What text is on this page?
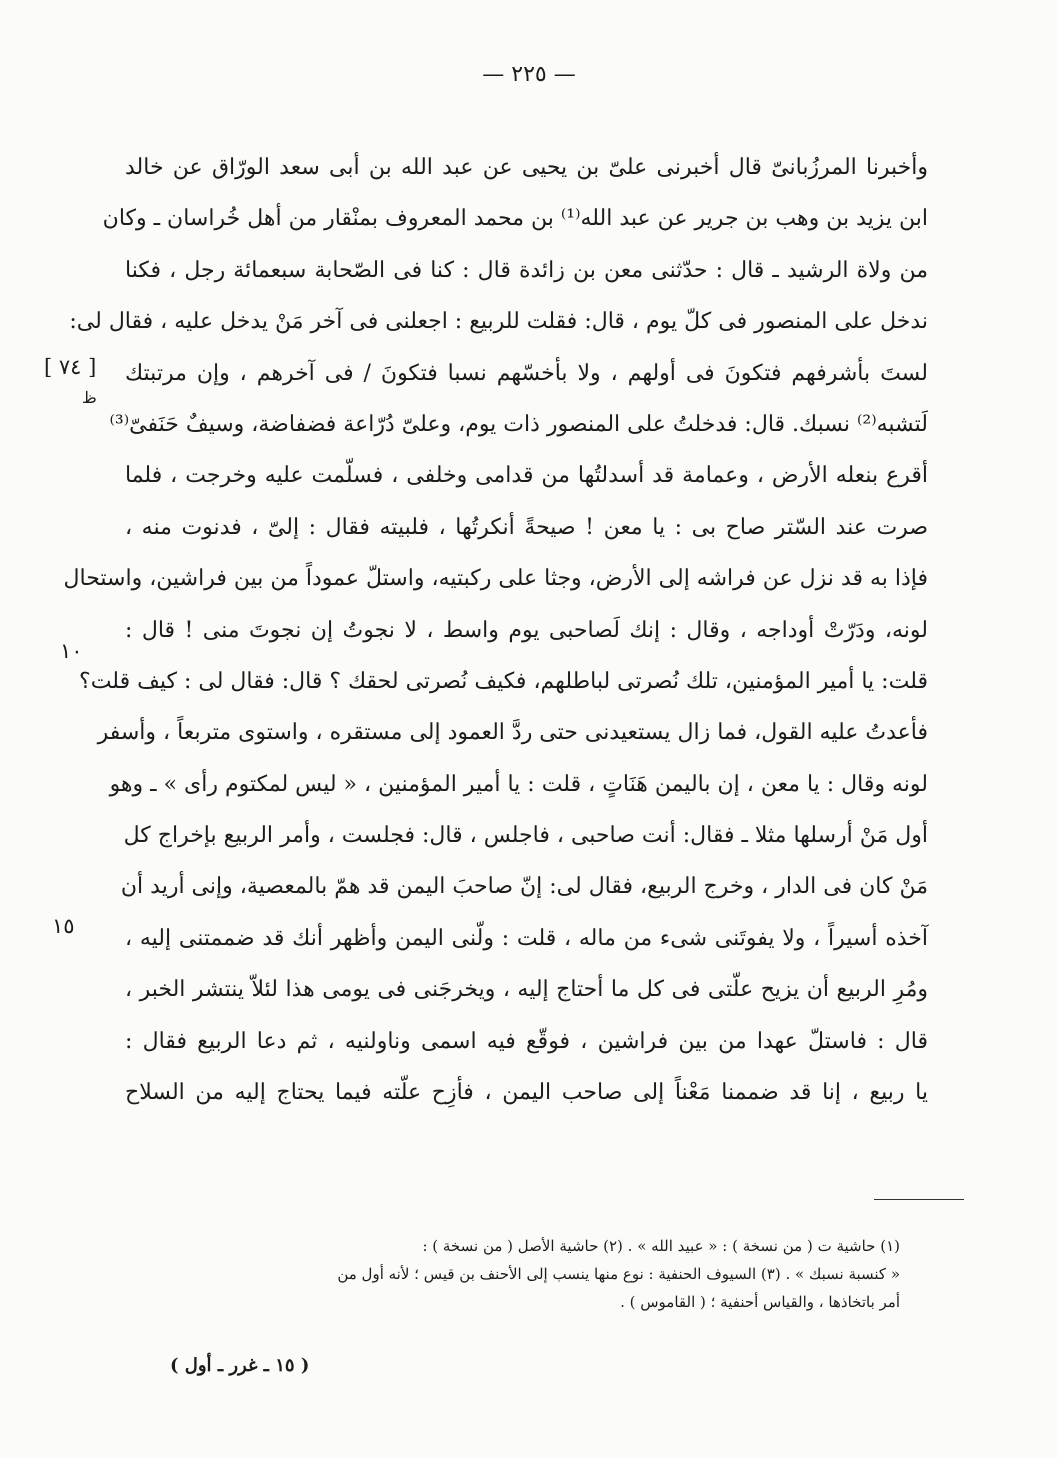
— ٢٢٥ —
وأخبرنا المرزُبانىّ قال أخبرنى علىّ بن يحيى عن عبد الله بن أبى سعد الورّاق عن خالد
ابن يزيد بن وهب بن جرير عن عبد الله⁽¹⁾ بن محمد المعروف بمنْقار من أهل خُراسان ـ وكان
من ولاة الرشيد ـ قال : حدّثنى معن بن زائدة قال : كنا فى الصّحابة سبعمائة رجل ، فكنا
ندخل على المنصور فى كلّ يوم ، قال: فقلت للربيع : اجعلنى فى آخر مَنْ يدخل عليه ، فقال لى:
لستَ بأشرفهم فتكونَ فى أولهم ، ولا بأخسّهم نسبا فتكونَ / فى آخرهم ، وإن مرتبتك
لَتشبه⁽²⁾ نسبك. قال: فدخلتُ على المنصور ذات يوم، وعلىّ دُرّاعة فضفاضة، وسيفٌ حَنَفىّ⁽³⁾
أقرع بنعله الأرض ، وعمامة قد أسدلتُها من قدامى وخلفى ، فسلّمت عليه وخرجت ، فلما
صرت عند السّتر صاح بى : يا معن ! صيحةً أنكرتُها ، فلبيته فقال : إلىّ ، فدنوت منه ،
فإذا به قد نزل عن فراشه إلى الأرض، وجثا على ركبتيه، واستلّ عموداً من بين فراشين، واستحال
لونه، ودَرّتْ أوداجه ، وقال : إنك لَصاحبى يوم واسط ، لا نجوتُ إن نجوتَ منى ! قال :
قلت: يا أمير المؤمنين، تلك نُصرتى لباطلهم، فكيف نُصرتى لحقك ؟ قال: فقال لى : كيف قلت؟
فأعدتُ عليه القول، فما زال يستعيدنى حتى ردَّ العمود إلى مستقره ، واستوى متربعاً ، وأسفر
لونه وقال : يا معن ، إن باليمن هَنَاتٍ ، قلت : يا أمير المؤمنين ، « ليس لمكتوم رأى » ـ وهو
أول مَنْ أرسلها مثلا ـ فقال: أنت صاحبى ، فاجلس ، قال: فجلست ، وأمر الربيع بإخراج كل
مَنْ كان فى الدار ، وخرج الربيع، فقال لى: إنّ صاحبَ اليمن قد همّ بالمعصية، وإنى أريد أن
آخذه أسيراً ، ولا يفوتَنى شىء من ماله ، قلت : ولّنى اليمن وأظهر أنك قد ضممتنى إليه ،
ومُرِ الربيع أن يزيح علّتى فى كل ما أحتاج إليه ، ويخرجَنى فى يومى هذا لئلاّ ينتشر الخبر ،
قال : فاستلّ عهدا من بين فراشين ، فوقّع فيه اسمى وناولنيه ، ثم دعا الربيع فقال :
يا ربيع ، إنا قد ضممنا مَعْناً إلى صاحب اليمن ، فأزِح علّته فيما يحتاج إليه من السلاح
[ ٧٤ ]
ظ
١٠
١٥
(١) حاشية ت ( من نسخة ) : « عبيد الله » . (٢) حاشية الأصل ( من نسخة ) :
« كنسبة نسبك » . (٣) السيوف الحنفية : نوع منها ينسب إلى الأحنف بن قيس ؛ لأنه أول من
أمر باتخاذها ، والقياس أحنفية ؛ ( القاموس ) .
( ١٥ ـ غرر ـ أول )
